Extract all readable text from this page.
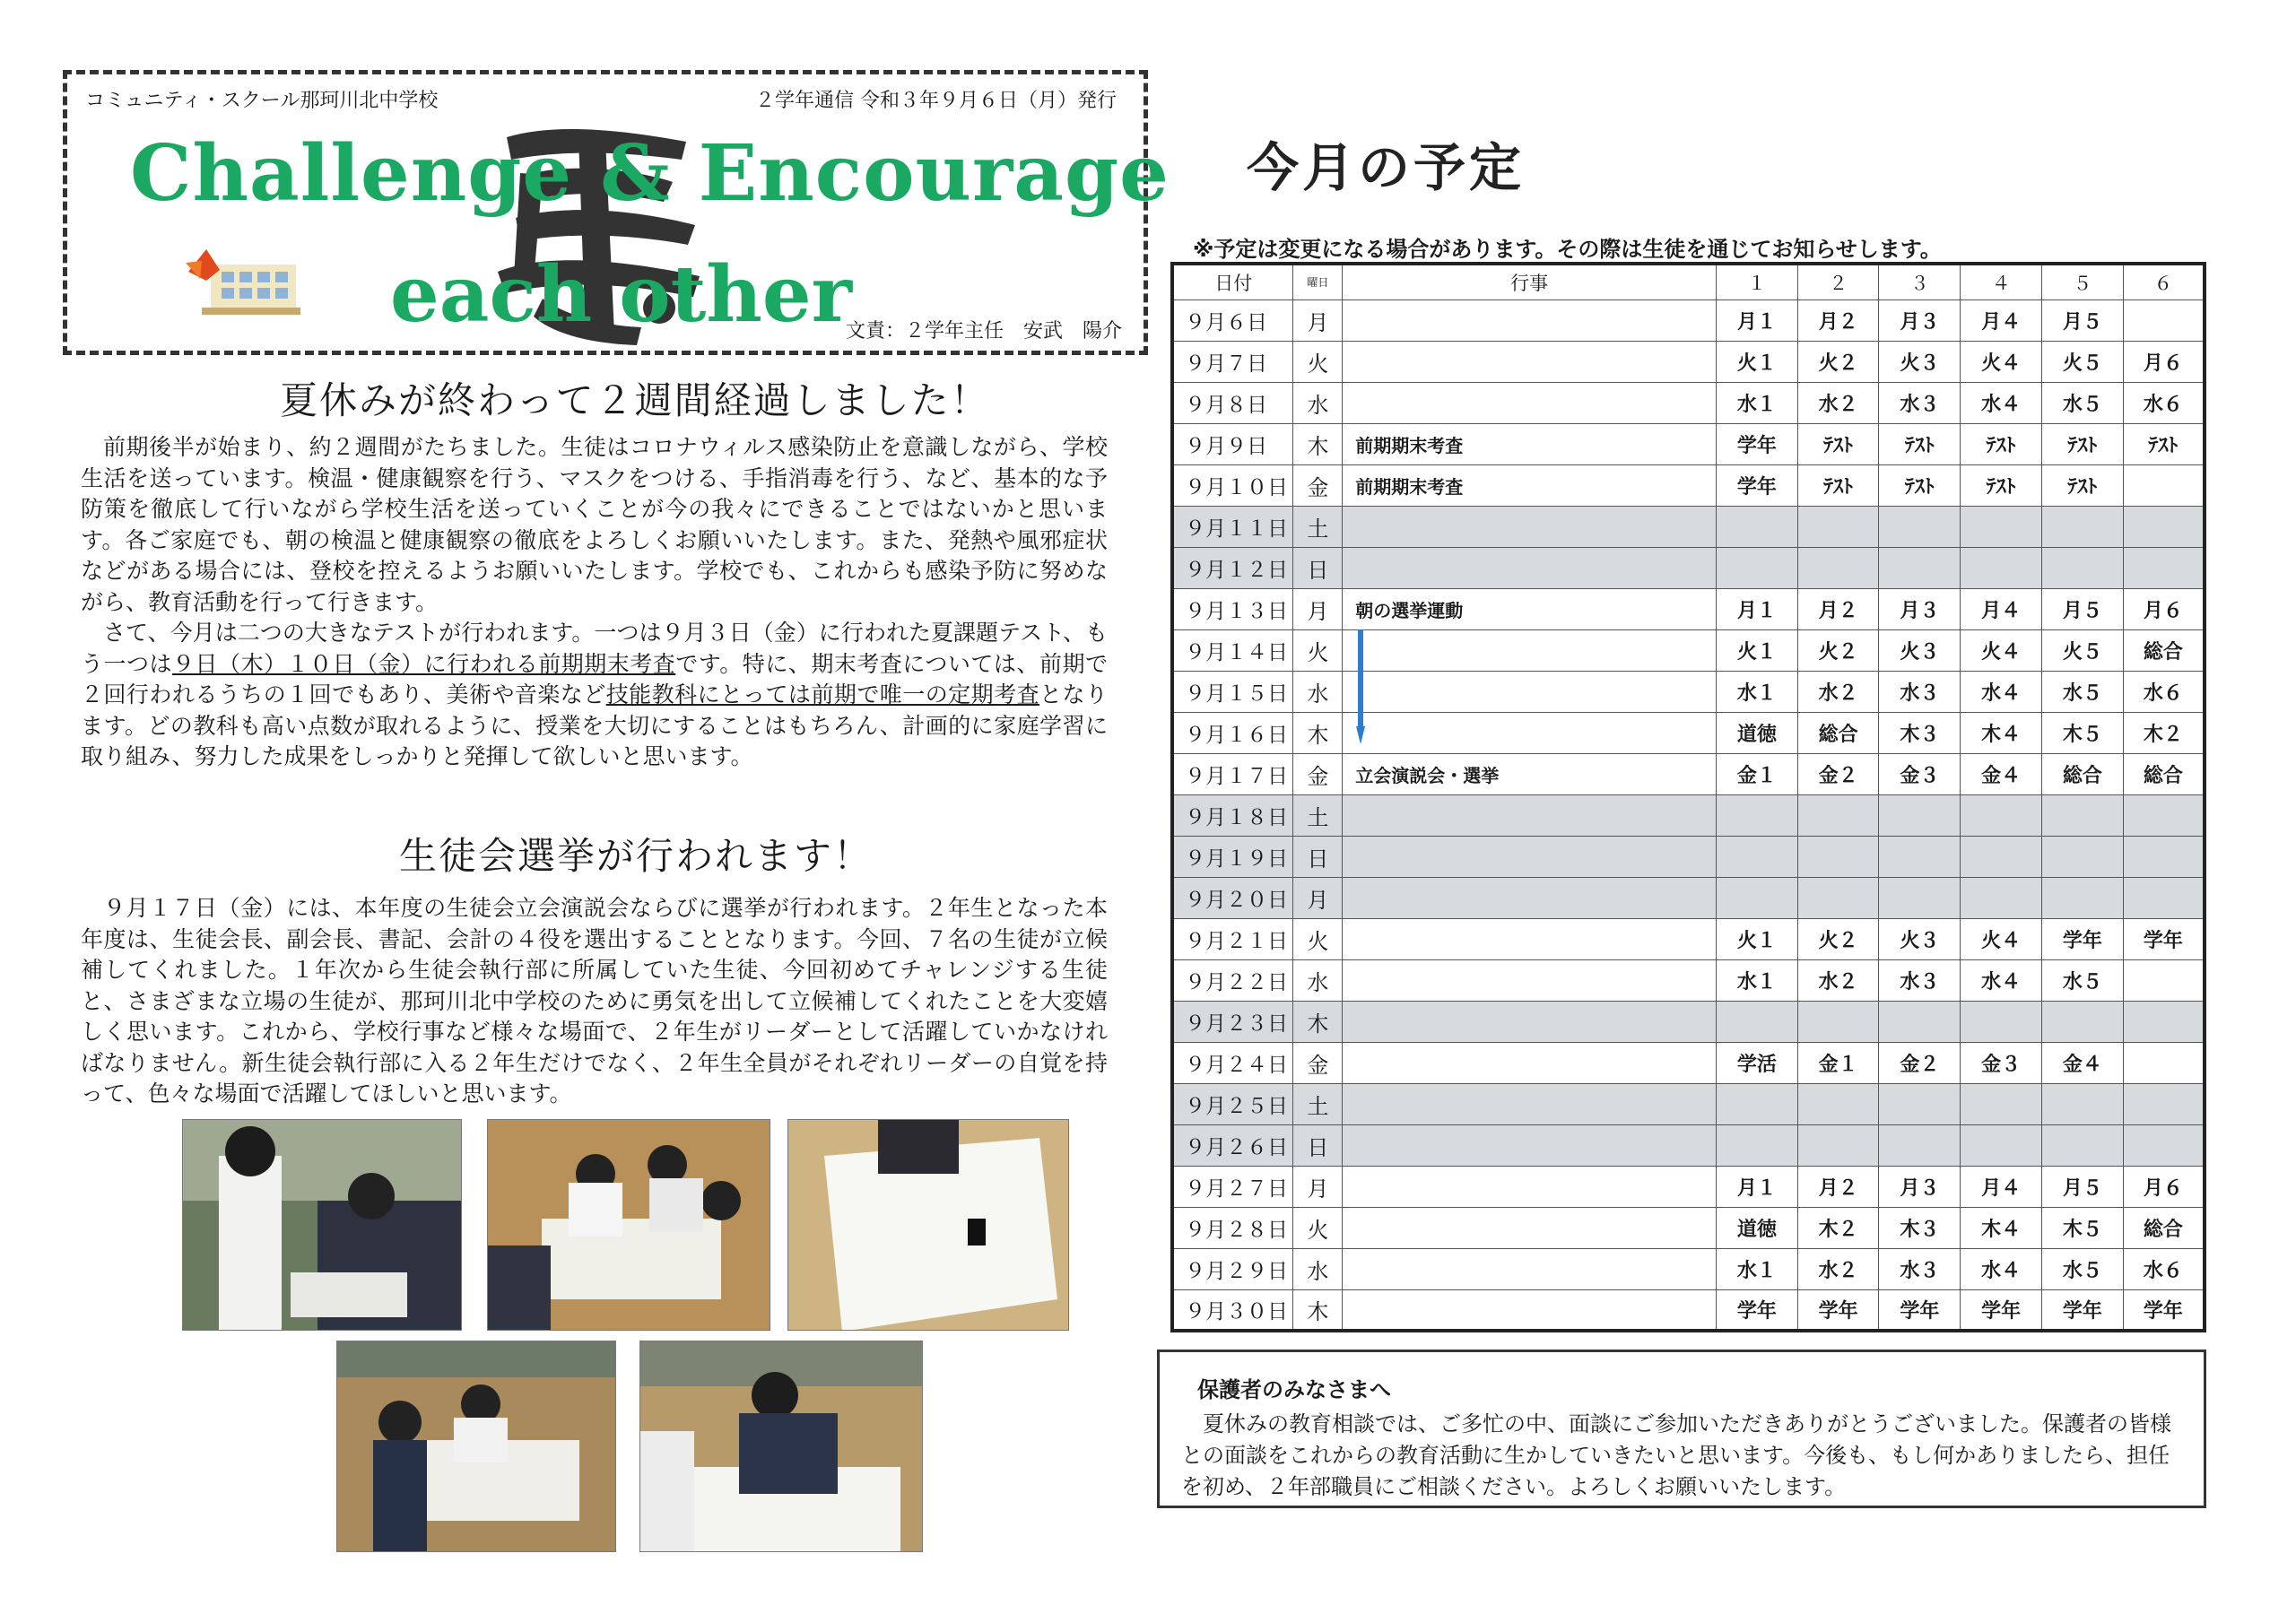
コミュニティ・スクール那珂川北中学校	２学年通信 令和３年９月６日（月）発行
Challenge & Encourage
each other
文責：２学年主任　安武　陽介
夏休みが終わって２週間経過しました！

前期後半が始まり、約２週間がたちました。生徒はコロナウィルス感染防止を意識しながら、学校生活を送っています。検温・健康観察を行う、マスクをつける、手指消毒を行う、など、基本的な予防策を徹底して行いながら学校生活を送っていくことが今の我々にできることではないかと思います。各ご家庭でも、朝の検温と健康観察の徹底をよろしくお願いいたします。また、発熱や風邪症状などがある場合には、登校を控えるようお願いいたします。学校でも、これからも感染予防に努めながら、教育活動を行って行きます。

さて、今月は二つの大きなテストが行われます。一つは９月３日（金）に行われた夏課題テスト、もう一つは９日（木）１０日（金）に行われる前期期末考査です。特に、期末考査については、前期で２回行われるうちの１回でもあり、美術や音楽など技能教科にとっては前期で唯一の定期考査となります。どの教科も高い点数が取れるように、授業を大切にすることはもちろん、計画的に家庭学習に取り組み、努力した成果をしっかりと発揮して欲しいと思います。

生徒会選挙が行われます！

９月１７日（金）には、本年度の生徒会立会演説会ならびに選挙が行われます。２年生となった本年度は、生徒会長、副会長、書記、会計の４役を選出することとなります。今回、７名の生徒が立候補してくれました。１年次から生徒会執行部に所属していた生徒、今回初めてチャレンジする生徒と、さまざまな立場の生徒が、那珂川北中学校のために勇気を出して立候補してくれたことを大変嬉しく思います。これから、学校行事など様々な場面で、２年生がリーダーとして活躍していかなければなりません。新生徒会執行部に入る２年生だけでなく、２年生全員がそれぞれリーダーの自覚を持って、色々な場面で活躍してほしいと思います。

今月の予定
※予定は変更になる場合があります。その際は生徒を通じてお知らせします。
日付	曜日	行事	１	２	３	４	５	６
９月６日	月		月１	月２	月３	月４	月５	
９月７日	火		火１	火２	火３	火４	火５	月６
９月８日	水		水１	水２	水３	水４	水５	水６
９月９日	木	前期期末考査	学年	ﾃｽﾄ	ﾃｽﾄ	ﾃｽﾄ	ﾃｽﾄ	ﾃｽﾄ
９月１０日	金	前期期末考査	学年	ﾃｽﾄ	ﾃｽﾄ	ﾃｽﾄ	ﾃｽﾄ	
９月１１日	土							
９月１２日	日							
９月１３日	月	朝の選挙運動	月１	月２	月３	月４	月５	月６
９月１４日	火		火１	火２	火３	火４	火５	総合
９月１５日	水		水１	水２	水３	水４	水５	水６
９月１６日	木		道徳	総合	木３	木４	木５	木２
９月１７日	金	立会演説会・選挙	金１	金２	金３	金４	総合	総合
９月１８日	土							
９月１９日	日							
９月２０日	月							
９月２１日	火		火１	火２	火３	火４	学年	学年
９月２２日	水		水１	水２	水３	水４	水５	
９月２３日	木							
９月２４日	金		学活	金１	金２	金３	金４	
９月２５日	土							
９月２６日	日							
９月２７日	月		月１	月２	月３	月４	月５	月６
９月２８日	火		道徳	木２	木３	木４	木５	総合
９月２９日	水		水１	水２	水３	水４	水５	水６
９月３０日	木		学年	学年	学年	学年	学年	学年
保護者のみなさまへ

夏休みの教育相談では、ご多忙の中、面談にご参加いただきありがとうございました。保護者の皆様との面談をこれからの教育活動に生かしていきたいと思います。今後も、もし何かありましたら、担任を初め、２年部職員にご相談ください。よろしくお願いいたします。
